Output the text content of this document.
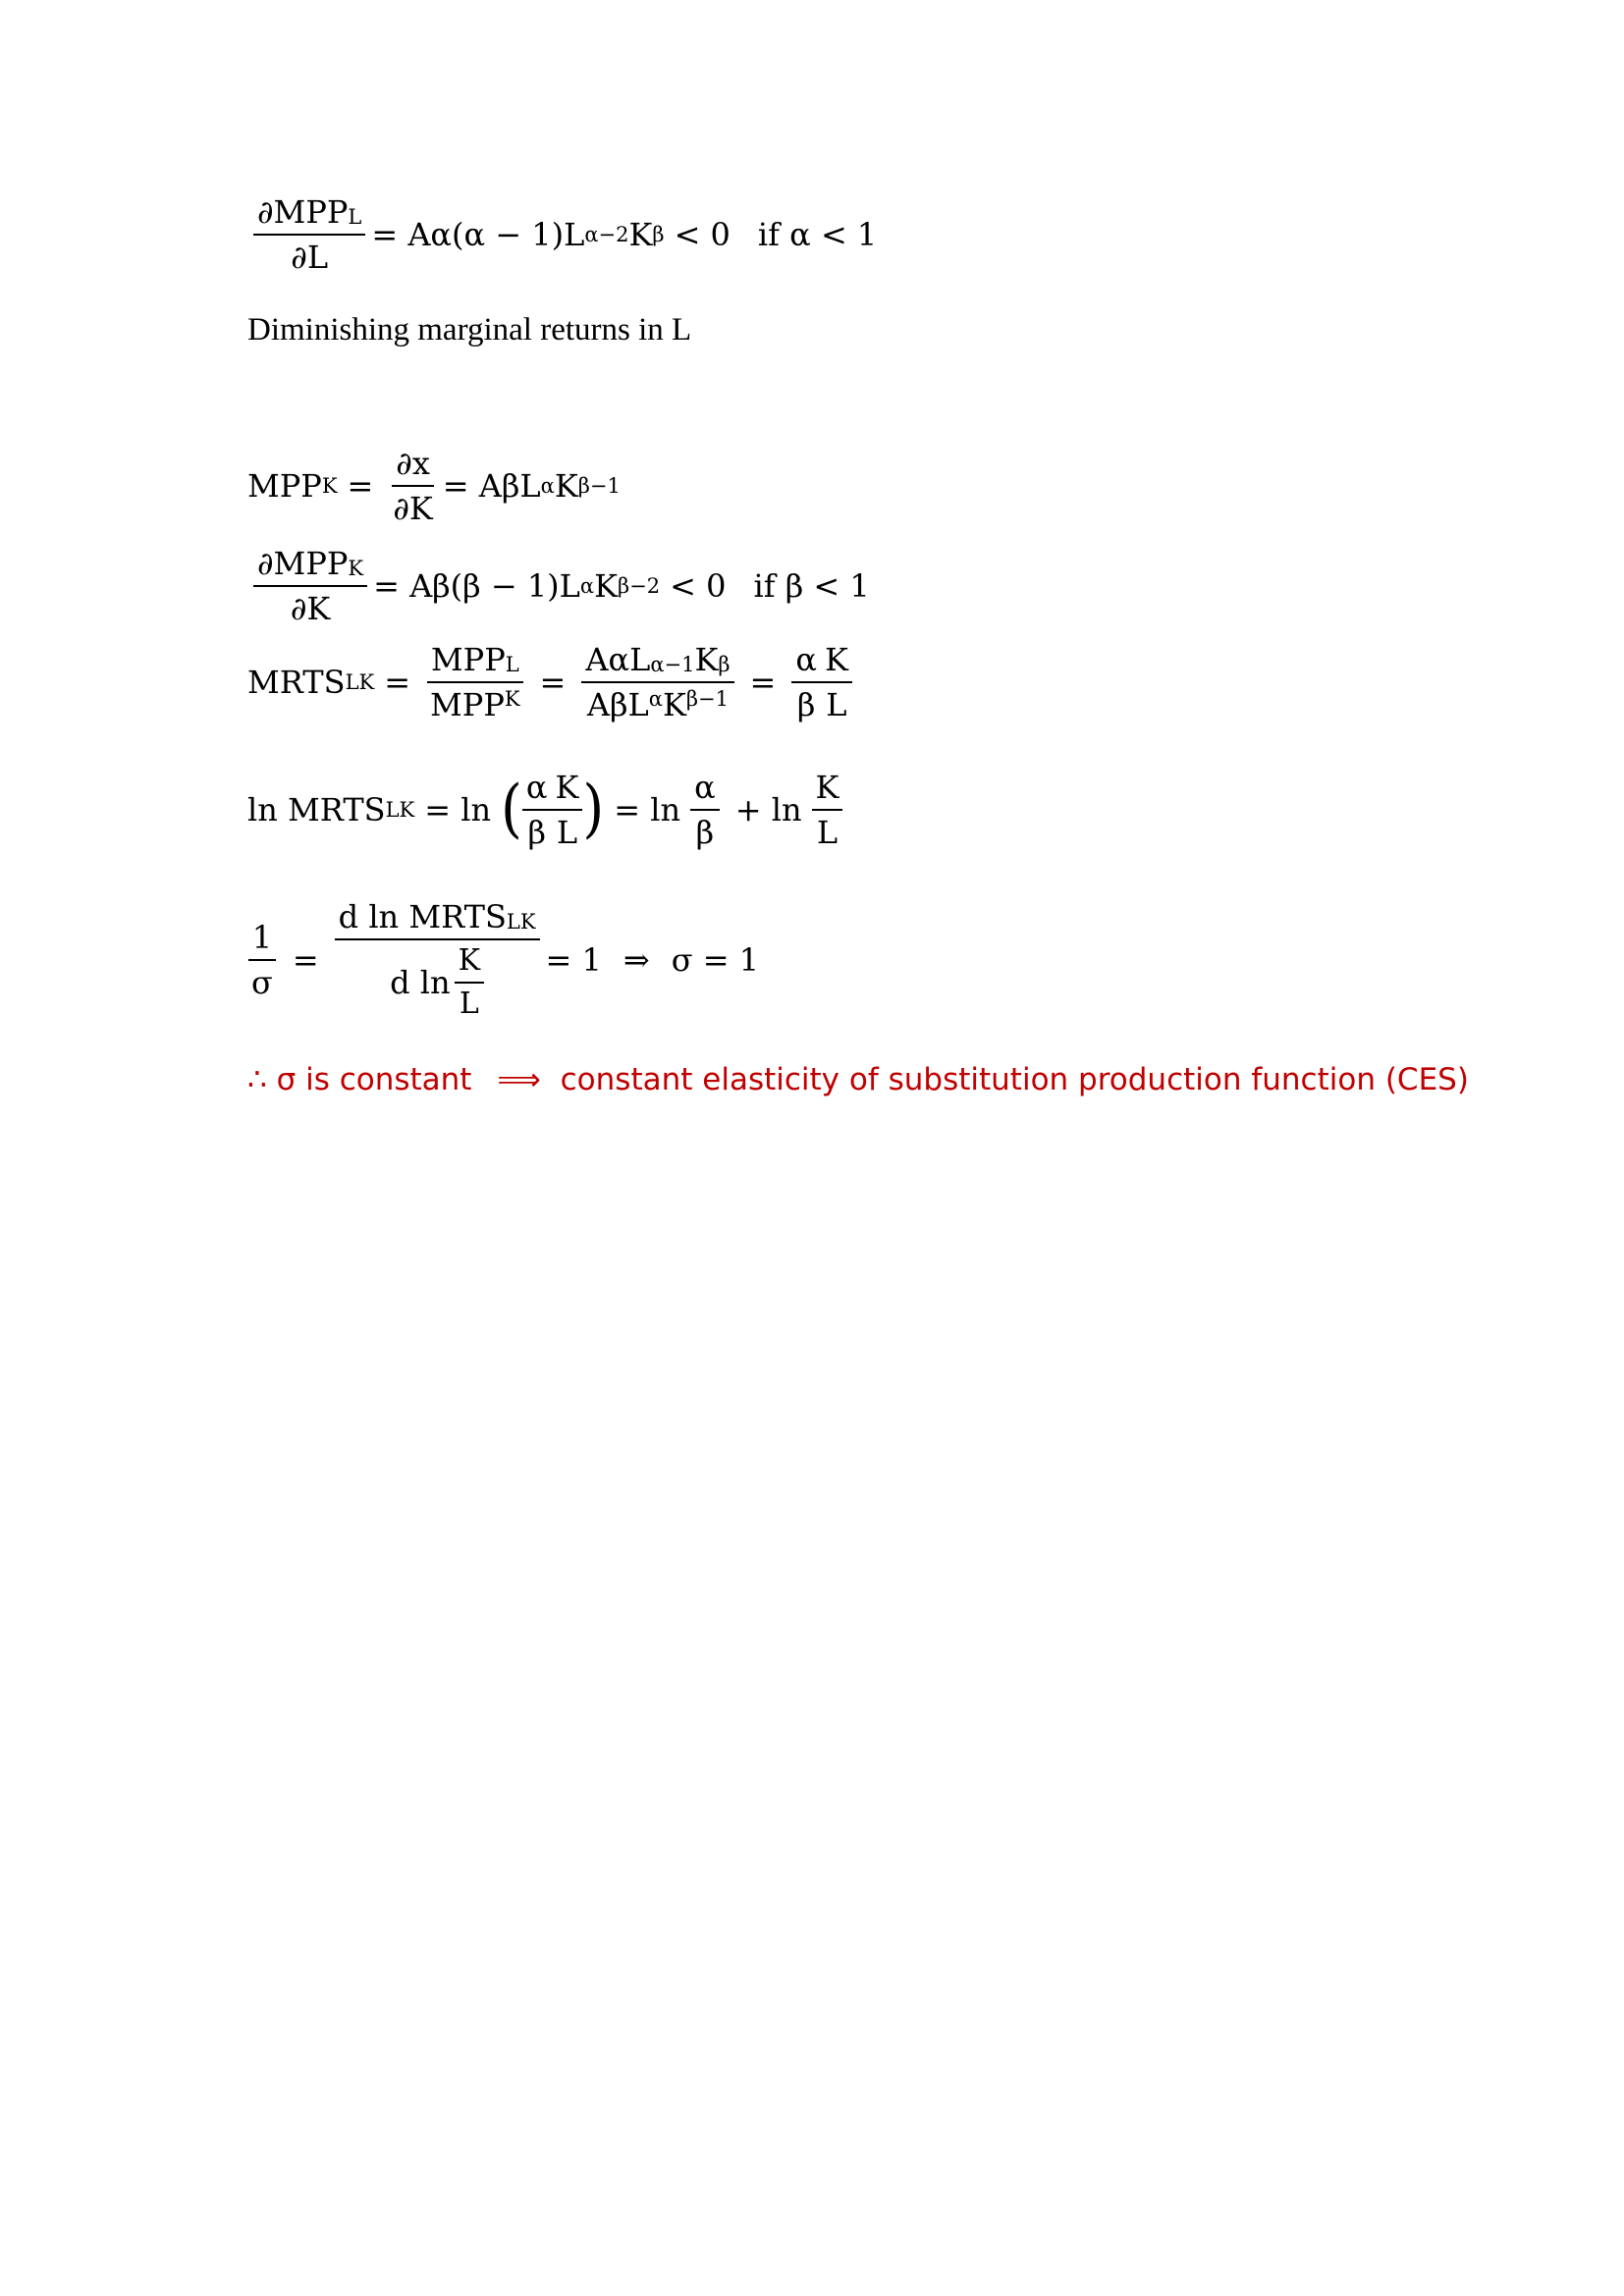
$\frac{\text{∂MPP L}}{\partial L} = A\alpha(\alpha - 1)L$ α−2 K β < 0 if α < 1
Diminishing marginal returns in L
MPP $K = \frac{\partial x}{\partial K} = A\beta L$ α K β−1
$\frac{\text{∂MPP K}}{\partial K} = A\beta(\beta - 1)L$ α K β−2 < 0 if β < 1
MRTS LK = $\frac{\text{MPP L}}{\text{MPP K}} = \frac{\text{AαL α−1 K β}}{\text{AβL α K β−1}} = \frac{\alpha}{\beta} \frac{K}{L}$
ln MRTS LK = ln ( $\frac{\alpha}{\beta} \frac{K}{L}$ ) = $\ln \frac{\alpha}{\beta} + \ln \frac{K}{L}$
$\frac{1}{\sigma} = \frac{\text{d ln MRTS LK}}{d \ln \frac{K}{L}} = 1$ ⇒ σ = 1
∴ σ is constant ⟹ constant elasticity of substitution production function (CES)
